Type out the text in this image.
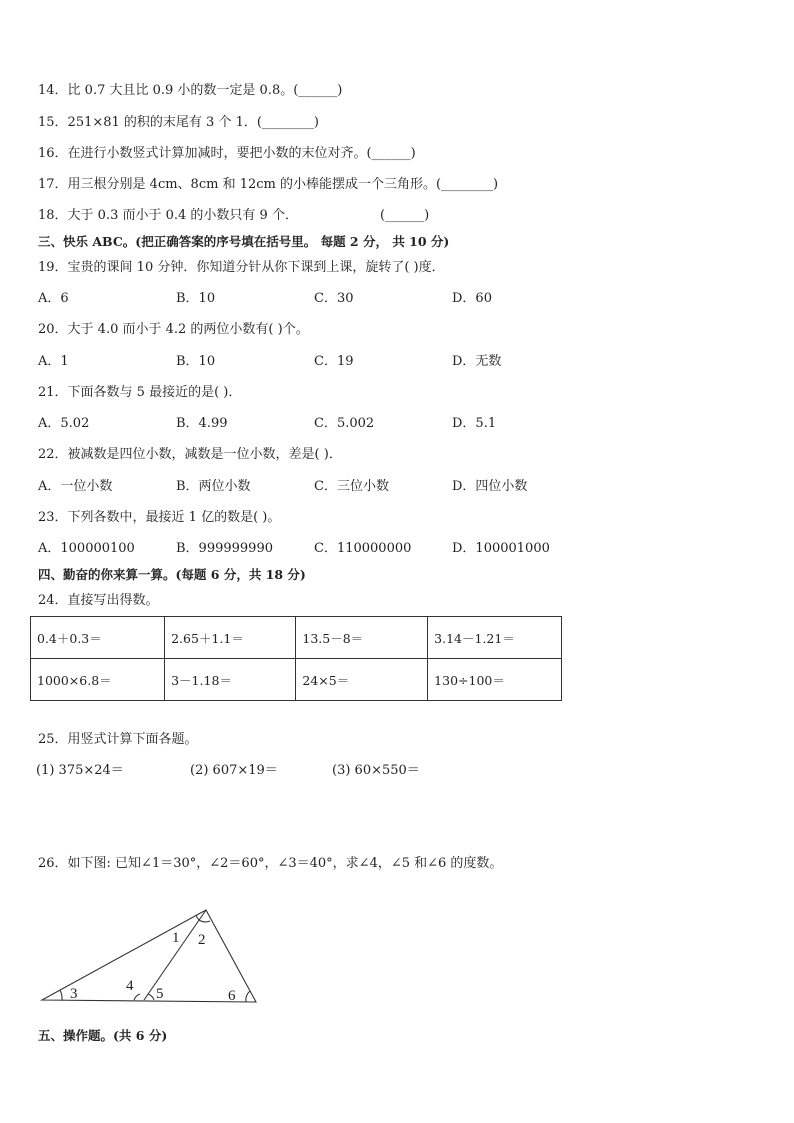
14．比 0.7 大且比 0.9 小的数一定是 0.8。(______)
15．251×81 的积的末尾有 3 个 1．(________)
16．在进行小数竖式计算加减时，要把小数的末位对齐。(______)
17．用三根分别是 4cm、8cm 和 12cm 的小棒能摆成一个三角形。(________)
18．大于 0.3 而小于 0.4 的小数只有 9 个．	(______)
三、快乐 ABC。(把正确答案的序号填在括号里。 每题 2 分， 共 10 分)
19．宝贵的课间 10 分钟．你知道分针从你下课到上课，旋转了( )度．
A．6	B．10	C．30	D．60
20．大于 4.0 而小于 4.2 的两位小数有( )个。
A．1	B．10	C．19	D．无数
21．下面各数与 5 最接近的是( )．
A．5.02	B．4.99	C．5.002	D．5.1
22．被减数是四位小数，减数是一位小数，差是( )．
A．一位小数	B．两位小数	C．三位小数	D．四位小数
23．下列各数中，最接近 1 亿的数是( )。
A．100000100	B．999999990	C．110000000	D．100001000
四、勤奋的你来算一算。(每题 6 分，共 18 分)
24．直接写出得数。
0.4＋0.3＝	2.65＋1.1＝	13.5－8＝	3.14－1.21＝
1000×6.8＝	3－1.18＝	24×5＝	130÷100＝
25．用竖式计算下面各题。
(1) 375×24＝	(2) 607×19＝	(3) 60×550＝
26．如下图: 已知∠1＝30°，∠2＝60°，∠3＝40°，求∠4，∠5 和∠6 的度数。
1 2
3	4 5	6
五、操作题。(共 6 分)
